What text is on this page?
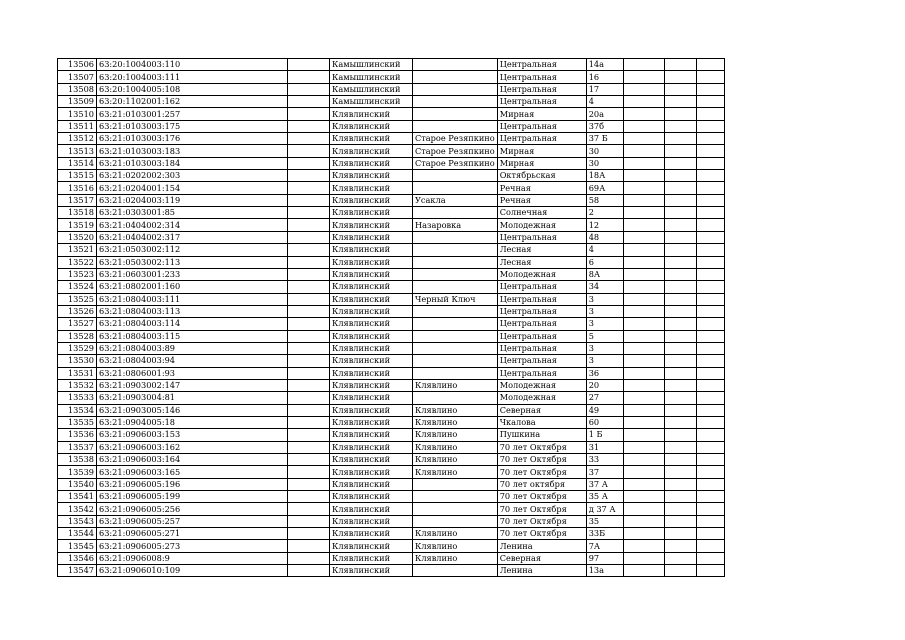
13506	63:20:1004003:110		Камышлинский		Центральная	14а			
13507	63:20:1004003:111		Камышлинский		Центральная	16			
13508	63:20:1004005:108		Камышлинский		Центральная	17			
13509	63:20:1102001:162		Камышлинский		Центральная	4			
13510	63:21:0103001:257		Клявлинский		Мирная	20а			
13511	63:21:0103003:175		Клявлинский		Центральная	37б			
13512	63:21:0103003:176		Клявлинский	Старое Резяпкино	Центральная	37 Б			
13513	63:21:0103003:183		Клявлинский	Старое Резяпкино	Мирная	30			
13514	63:21:0103003:184		Клявлинский	Старое Резяпкино	Мирная	30			
13515	63:21:0202002:303		Клявлинский		Октябрьская	18А			
13516	63:21:0204001:154		Клявлинский		Речная	69А			
13517	63:21:0204003:119		Клявлинский	Усакла	Речная	58			
13518	63:21:0303001:85		Клявлинский		Солнечная	2			
13519	63:21:0404002:314		Клявлинский	Назаровка	Молодежная	12			
13520	63:21:0404002:317		Клявлинский		Центральная	48			
13521	63:21:0503002:112		Клявлинский		Лесная	4			
13522	63:21:0503002:113		Клявлинский		Лесная	6			
13523	63:21:0603001:233		Клявлинский		Молодежная	8А			
13524	63:21:0802001:160		Клявлинский		Центральная	34			
13525	63:21:0804003:111		Клявлинский	Черный Ключ	Центральная	3			
13526	63:21:0804003:113		Клявлинский		Центральная	3			
13527	63:21:0804003:114		Клявлинский		Центральная	3			
13528	63:21:0804003:115		Клявлинский		Центральная	5			
13529	63:21:0804003:89		Клявлинский		Центральная	3			
13530	63:21:0804003:94		Клявлинский		Центральная	3			
13531	63:21:0806001:93		Клявлинский		Центральная	36			
13532	63:21:0903002:147		Клявлинский	Клявлино	Молодежная	20			
13533	63:21:0903004:81		Клявлинский		Молодежная	27			
13534	63:21:0903005:146		Клявлинский	Клявлино	Северная	49			
13535	63:21:0904005:18		Клявлинский	Клявлино	Чкалова	60			
13536	63:21:0906003:153		Клявлинский	Клявлино	Пушкина	1 Б			
13537	63:21:0906003:162		Клявлинский	Клявлино	70 лет Октября	31			
13538	63:21:0906003:164		Клявлинский	Клявлино	70 лет Октября	33			
13539	63:21:0906003:165		Клявлинский	Клявлино	70 лет Октября	37			
13540	63:21:0906005:196		Клявлинский		70 лет октября	37 А			
13541	63:21:0906005:199		Клявлинский		70 лет Октября	35 А			
13542	63:21:0906005:256		Клявлинский		70 лет Октября	д 37 А			
13543	63:21:0906005:257		Клявлинский		70 лет Октября	35			
13544	63:21:0906005:271		Клявлинский	Клявлино	70 лет Октября	33Б			
13545	63:21:0906005:273		Клявлинский	Клявлино	Ленина	7А			
13546	63:21:0906008:9		Клявлинский	Клявлино	Северная	97			
13547	63:21:0906010:109		Клявлинский		Ленина	13а			
